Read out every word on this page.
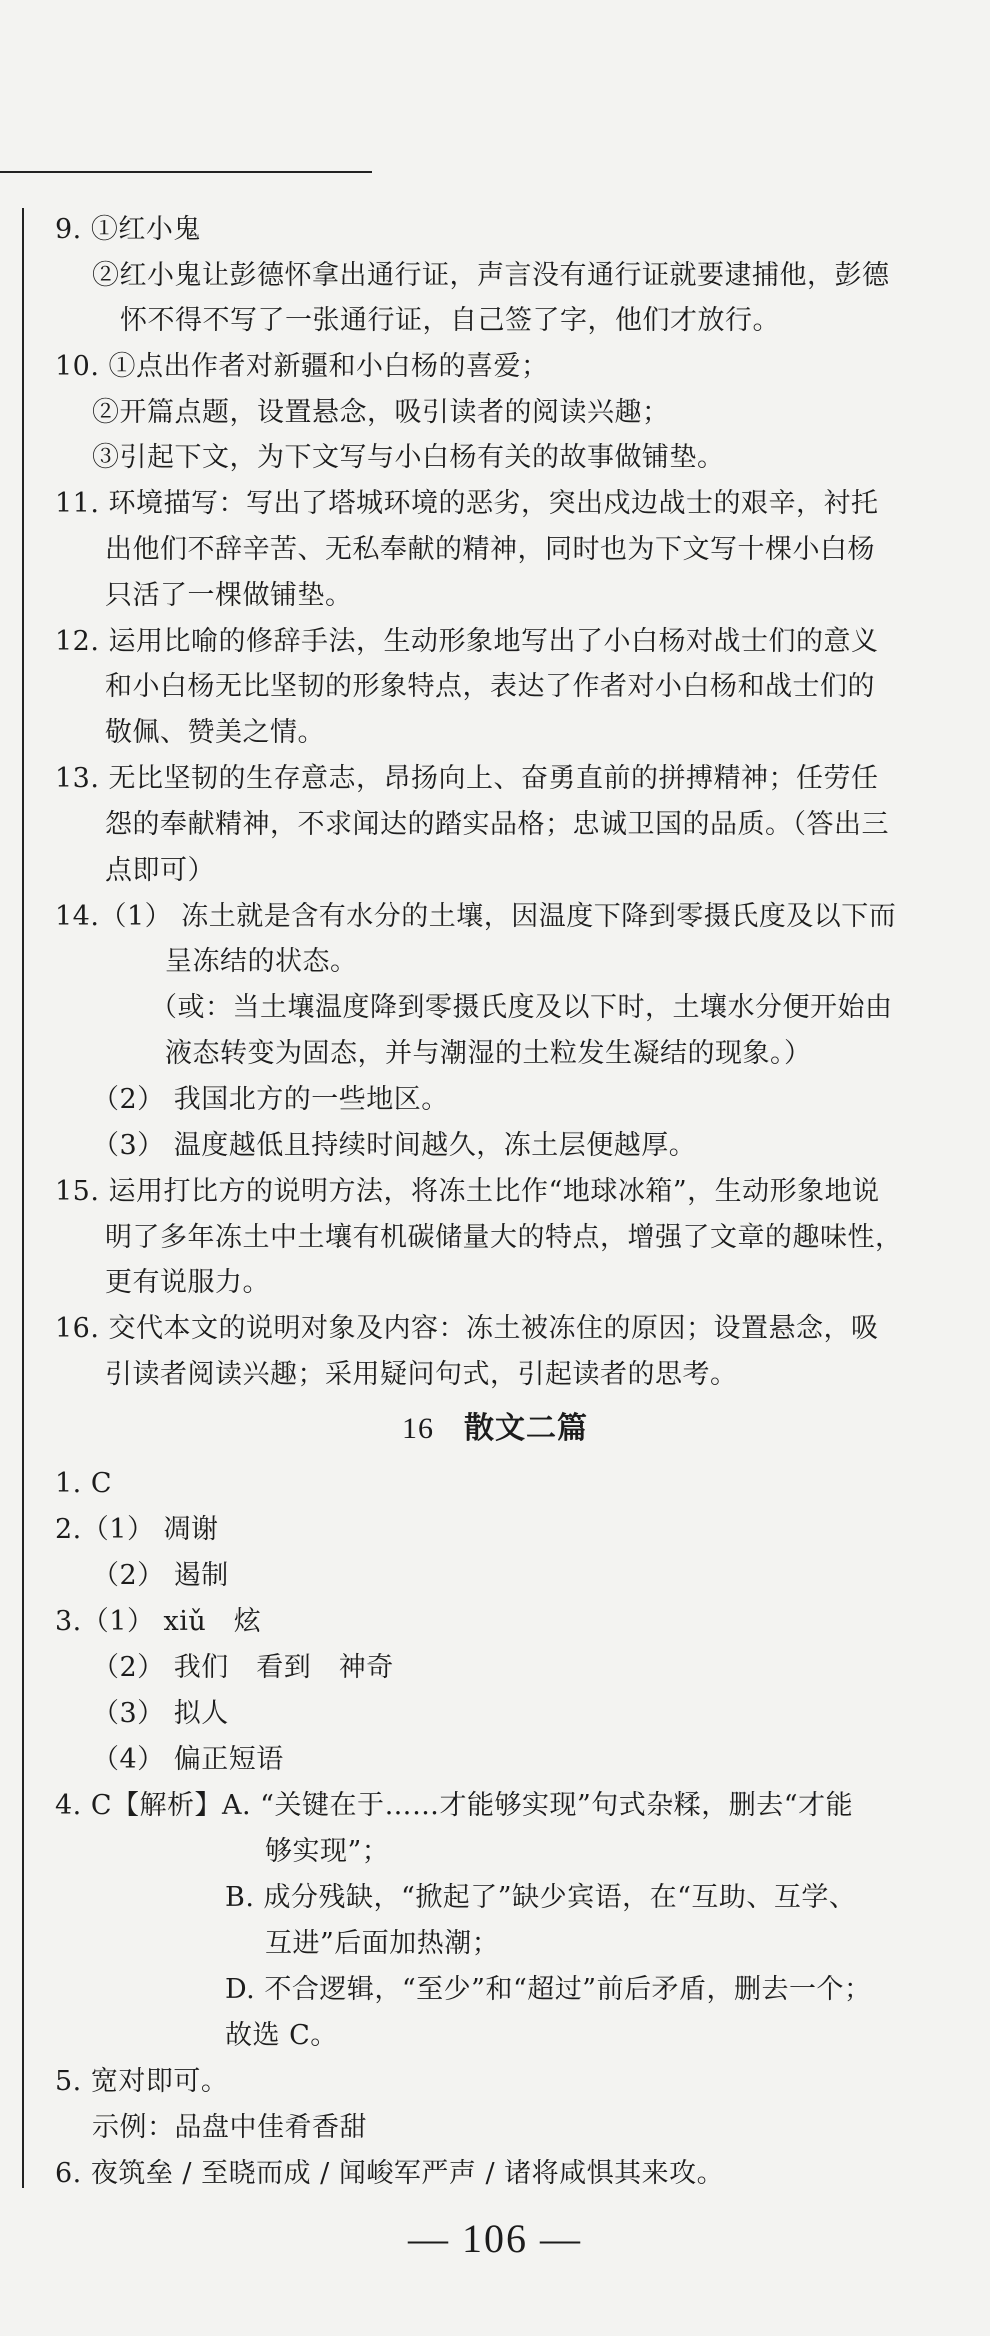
9. ①红小鬼
②红小鬼让彭德怀拿出通行证，声言没有通行证就要逮捕他，彭德
怀不得不写了一张通行证，自己签了字，他们才放行。
10. ①点出作者对新疆和小白杨的喜爱；
②开篇点题，设置悬念，吸引读者的阅读兴趣；
③引起下文，为下文写与小白杨有关的故事做铺垫。
11. 环境描写：写出了塔城环境的恶劣，突出戍边战士的艰辛，衬托
出他们不辞辛苦、无私奉献的精神，同时也为下文写十棵小白杨
只活了一棵做铺垫。
12. 运用比喻的修辞手法，生动形象地写出了小白杨对战士们的意义
和小白杨无比坚韧的形象特点，表达了作者对小白杨和战士们的
敬佩、赞美之情。
13. 无比坚韧的生存意志，昂扬向上、奋勇直前的拼搏精神；任劳任
怨的奉献精神，不求闻达的踏实品格；忠诚卫国的品质。（答出三
点即可）
14.（1） 冻土就是含有水分的土壤，因温度下降到零摄氏度及以下而
呈冻结的状态。
（或：当土壤温度降到零摄氏度及以下时，土壤水分便开始由
液态转变为固态，并与潮湿的土粒发生凝结的现象。）
（2） 我国北方的一些地区。
（3） 温度越低且持续时间越久，冻土层便越厚。
15. 运用打比方的说明方法，将冻土比作“地球冰箱”，生动形象地说
明了多年冻土中土壤有机碳储量大的特点，增强了文章的趣味性，
更有说服力。
16. 交代本文的说明对象及内容：冻土被冻住的原因；设置悬念，吸
引读者阅读兴趣；采用疑问句式，引起读者的思考。
1. C
2.（1） 凋谢
（2） 遏制
3.（1） xiǔ　炫
（2） 我们　看到　神奇
（3） 拟人
（4） 偏正短语
4. C【解析】A. “关键在于……才能够实现”句式杂糅，删去“才能
够实现”；
B. 成分残缺，“掀起了”缺少宾语，在“互助、互学、
互进”后面加热潮；
D. 不合逻辑，“至少”和“超过”前后矛盾，删去一个；
故选 C。
5. 宽对即可。
示例：品盘中佳肴香甜
6. 夜筑垒 / 至晓而成 / 闻峻军严声 / 诸将咸惧其来攻。
16 散文二篇
— 106 —
